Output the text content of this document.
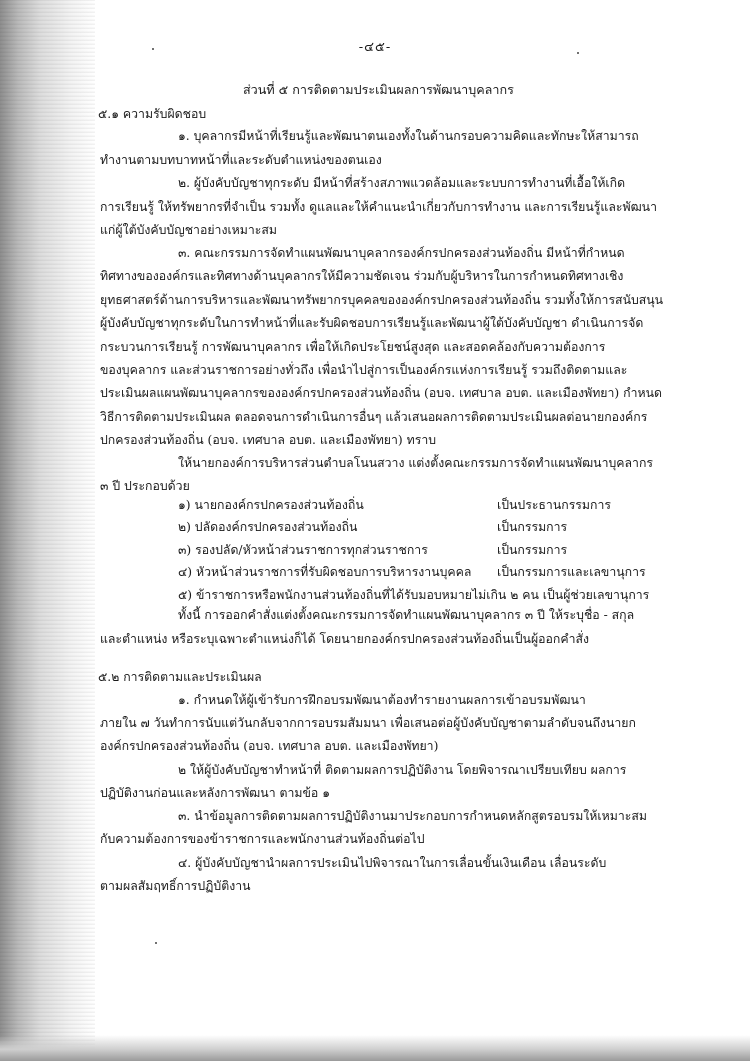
-๔๕-
ส่วนที่ ๕ การติดตามประเมินผลการพัฒนาบุคลากร
๕.๑ ความรับผิดชอบ
๑. บุคลากรมีหน้าที่เรียนรู้และพัฒนาตนเองทั้งในด้านกรอบความคิดและทักษะให้สามารถ
ทำงานตามบทบาทหน้าที่และระดับตำแหน่งของตนเอง
๒. ผู้บังคับบัญชาทุกระดับ มีหน้าที่สร้างสภาพแวดล้อมและระบบการทำงานที่เอื้อให้เกิด
การเรียนรู้ ให้ทรัพยากรที่จำเป็น รวมทั้ง ดูแลและให้คำแนะนำเกี่ยวกับการทำงาน และการเรียนรู้และพัฒนา
แก่ผู้ใต้บังคับบัญชาอย่างเหมาะสม
๓. คณะกรรมการจัดทำแผนพัฒนาบุคลากรองค์กรปกครองส่วนท้องถิ่น มีหน้าที่กำหนด
ทิศทางขององค์กรและทิศทางด้านบุคลากรให้มีความชัดเจน ร่วมกับผู้บริหารในการกำหนดทิศทางเชิง
ยุทธศาสตร์ด้านการบริหารและพัฒนาทรัพยากรบุคคลขององค์กรปกครองส่วนท้องถิ่น รวมทั้งให้การสนับสนุน
ผู้บังคับบัญชาทุกระดับในการทำหน้าที่และรับผิดชอบการเรียนรู้และพัฒนาผู้ใต้บังคับบัญชา ดำเนินการจัด
กระบวนการเรียนรู้ การพัฒนาบุคลากร เพื่อให้เกิดประโยชน์สูงสุด และสอดคล้องกับความต้องการ
ของบุคลากร และส่วนราชการอย่างทั่วถึง เพื่อนำไปสู่การเป็นองค์กรแห่งการเรียนรู้ รวมถึงติดตามและ
ประเมินผลแผนพัฒนาบุคลากรขององค์กรปกครองส่วนท้องถิ่น (อบจ. เทศบาล อบต. และเมืองพัทยา) กำหนด
วิธีการติดตามประเมินผล ตลอดจนการดำเนินการอื่นๆ แล้วเสนอผลการติดตามประเมินผลต่อนายกองค์กร
ปกครองส่วนท้องถิ่น (อบจ. เทศบาล อบต. และเมืองพัทยา) ทราบ
ให้นายกองค์การบริหารส่วนตำบลโนนสวาง แต่งตั้งคณะกรรมการจัดทำแผนพัฒนาบุคลากร
๓ ปี ประกอบด้วย
๑) นายกองค์กรปกครองส่วนท้องถิ่น	เป็นประธานกรรมการ
๒) ปลัดองค์กรปกครองส่วนท้องถิ่น	เป็นกรรมการ
๓) รองปลัด/หัวหน้าส่วนราชการทุกส่วนราชการ	เป็นกรรมการ
๔) หัวหน้าส่วนราชการที่รับผิดชอบการบริหารงานบุคคล เป็นกรรมการและเลขานุการ
๕) ข้าราชการหรือพนักงานส่วนท้องถิ่นที่ได้รับมอบหมายไม่เกิน ๒ คน เป็นผู้ช่วยเลขานุการ
ทั้งนี้ การออกคำสั่งแต่งตั้งคณะกรรมการจัดทำแผนพัฒนาบุคลากร ๓ ปี ให้ระบุชื่อ - สกุล
และตำแหน่ง หรือระบุเฉพาะตำแหน่งก็ได้ โดยนายกองค์กรปกครองส่วนท้องถิ่นเป็นผู้ออกคำสั่ง
๕.๒ การติดตามและประเมินผล
๑. กำหนดให้ผู้เข้ารับการฝึกอบรมพัฒนาต้องทำรายงานผลการเข้าอบรมพัฒนา
ภายใน ๗ วันทำการนับแต่วันกลับจากการอบรมสัมมนา เพื่อเสนอต่อผู้บังคับบัญชาตามลำดับจนถึงนายก
องค์กรปกครองส่วนท้องถิ่น (อบจ. เทศบาล อบต. และเมืองพัทยา)
๒ ให้ผู้บังคับบัญชาทำหน้าที่ ติดตามผลการปฏิบัติงาน โดยพิจารณาเปรียบเทียบ ผลการ
ปฏิบัติงานก่อนและหลังการพัฒนา ตามข้อ ๑
๓. นำข้อมูลการติดตามผลการปฏิบัติงานมาประกอบการกำหนดหลักสูตรอบรมให้เหมาะสม
กับความต้องการของข้าราชการและพนักงานส่วนท้องถิ่นต่อไป
๔. ผู้บังคับบัญชานำผลการประเมินไปพิจารณาในการเลื่อนขั้นเงินเดือน เลื่อนระดับ
ตามผลสัมฤทธิ์การปฏิบัติงาน
